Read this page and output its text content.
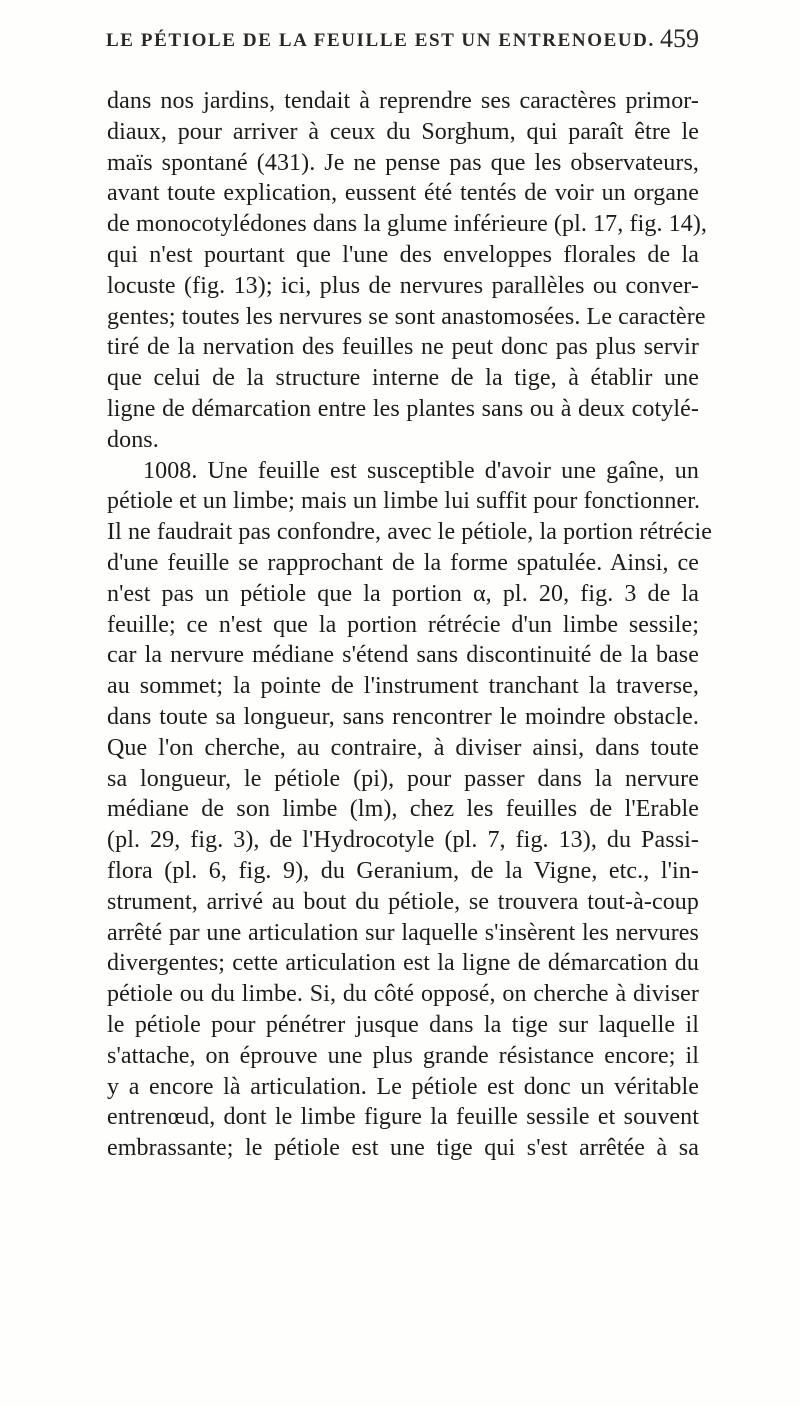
LE PÉTIOLE DE LA FEUILLE EST UN ENTRENOEUD. 459
dans nos jardins, tendait à reprendre ses caractères primor-
diaux, pour arriver à ceux du Sorghum, qui paraît être le
maïs spontané (431). Je ne pense pas que les observateurs,
avant toute explication, eussent été tentés de voir un organe
de monocotylédones dans la glume inférieure (pl. 17, fig. 14),
qui n'est pourtant que l'une des enveloppes florales de la
locuste (fig. 13); ici, plus de nervures parallèles ou conver-
gentes; toutes les nervures se sont anastomosées. Le caractère
tiré de la nervation des feuilles ne peut donc pas plus servir
que celui de la structure interne de la tige, à établir une
ligne de démarcation entre les plantes sans ou à deux cotylé-
dons.
1008. Une feuille est susceptible d'avoir une gaîne, un
pétiole et un limbe; mais un limbe lui suffit pour fonctionner.
Il ne faudrait pas confondre, avec le pétiole, la portion rétrécie
d'une feuille se rapprochant de la forme spatulée. Ainsi, ce
n'est pas un pétiole que la portion α, pl. 20, fig. 3 de la
feuille; ce n'est que la portion rétrécie d'un limbe sessile;
car la nervure médiane s'étend sans discontinuité de la base
au sommet; la pointe de l'instrument tranchant la traverse,
dans toute sa longueur, sans rencontrer le moindre obstacle.
Que l'on cherche, au contraire, à diviser ainsi, dans toute
sa longueur, le pétiole (pi), pour passer dans la nervure
médiane de son limbe (lm), chez les feuilles de l'Erable
(pl. 29, fig. 3), de l'Hydrocotyle (pl. 7, fig. 13), du Passi-
flora (pl. 6, fig. 9), du Geranium, de la Vigne, etc., l'in-
strument, arrivé au bout du pétiole, se trouvera tout-à-coup
arrêté par une articulation sur laquelle s'insèrent les nervures
divergentes; cette articulation est la ligne de démarcation du
pétiole ou du limbe. Si, du côté opposé, on cherche à diviser
le pétiole pour pénétrer jusque dans la tige sur laquelle il
s'attache, on éprouve une plus grande résistance encore; il
y a encore là articulation. Le pétiole est donc un véritable
entrenœud, dont le limbe figure la feuille sessile et souvent
embrassante; le pétiole est une tige qui s'est arrêtée à sa
